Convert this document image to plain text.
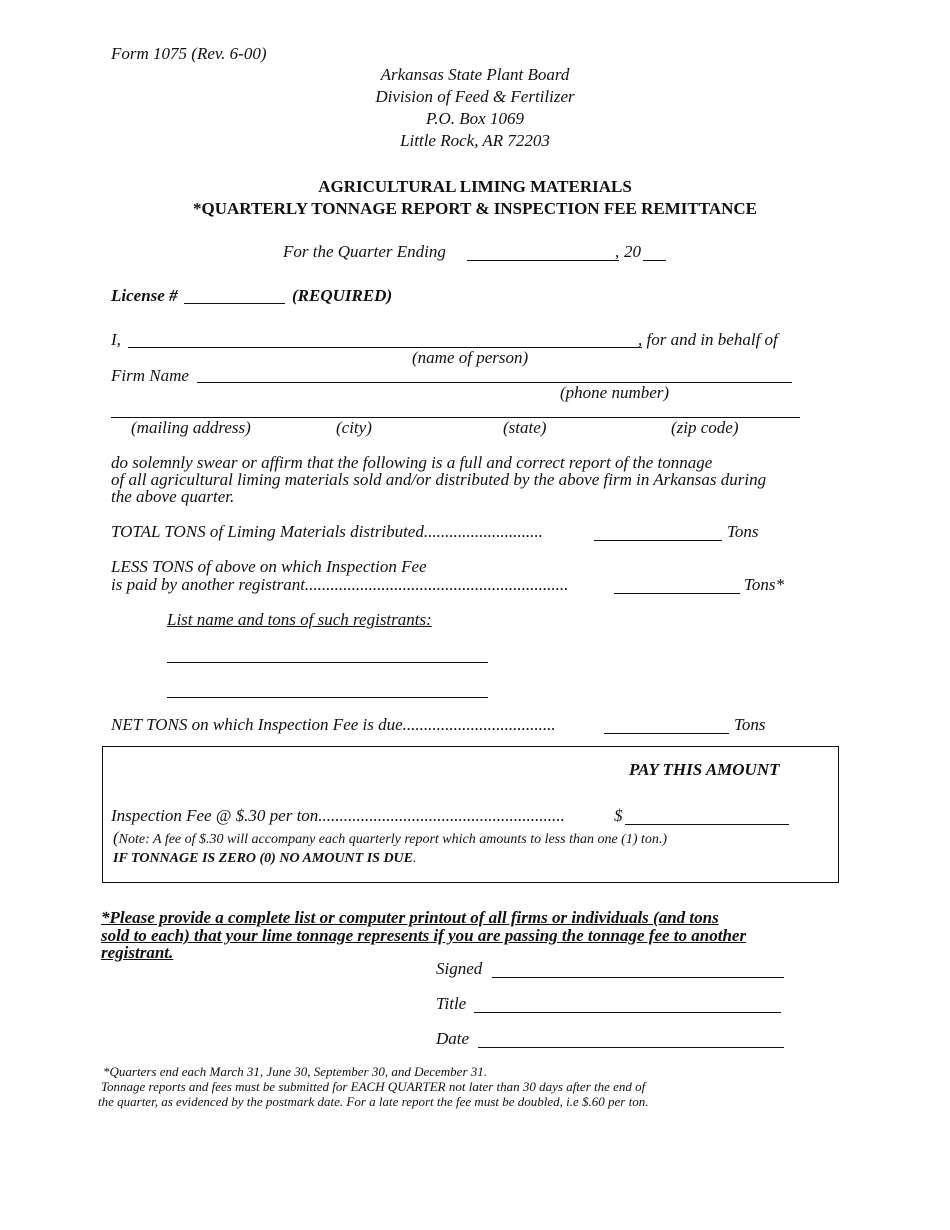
Form 1075 (Rev. 6-00)
Arkansas State Plant Board
Division of Feed & Fertilizer
P.O. Box 1069
Little Rock, AR 72203
AGRICULTURAL LIMING MATERIALS
*QUARTERLY TONNAGE REPORT & INSPECTION FEE REMITTANCE
For the Quarter Ending	, 20
License #	(REQUIRED)
I,	, for and in behalf of
(name of person)
Firm Name
(phone number)
(mailing address)	(city)	(state)	(zip code)
do solemnly swear or affirm that the following is a full and correct report of the tonnage
of all agricultural liming materials sold and/or distributed by the above firm in Arkansas during
the above quarter.
TOTAL TONS of Liming Materials distributed............................	Tons
LESS TONS of above on which Inspection Fee
is paid by another registrant..............................................................	Tons*
List name and tons of such registrants:
NET TONS on which Inspection Fee is due....................................	Tons
PAY THIS AMOUNT
Inspection Fee @ $.30 per ton..........................................................	$
(Note: A fee of $.30 will accompany each quarterly report which amounts to less than one (1) ton.)
IF TONNAGE IS ZERO (0) NO AMOUNT IS DUE.
*Please provide a complete list or computer printout of all firms or individuals (and tons
sold to each) that your lime tonnage represents if you are passing the tonnage fee to another
registrant.
Signed
Title
Date
*Quarters end each March 31, June 30, September 30, and December 31.
Tonnage reports and fees must be submitted for EACH QUARTER not later than 30 days after the end of
the quarter, as evidenced by the postmark date. For a late report the fee must be doubled, i.e $.60 per ton.
